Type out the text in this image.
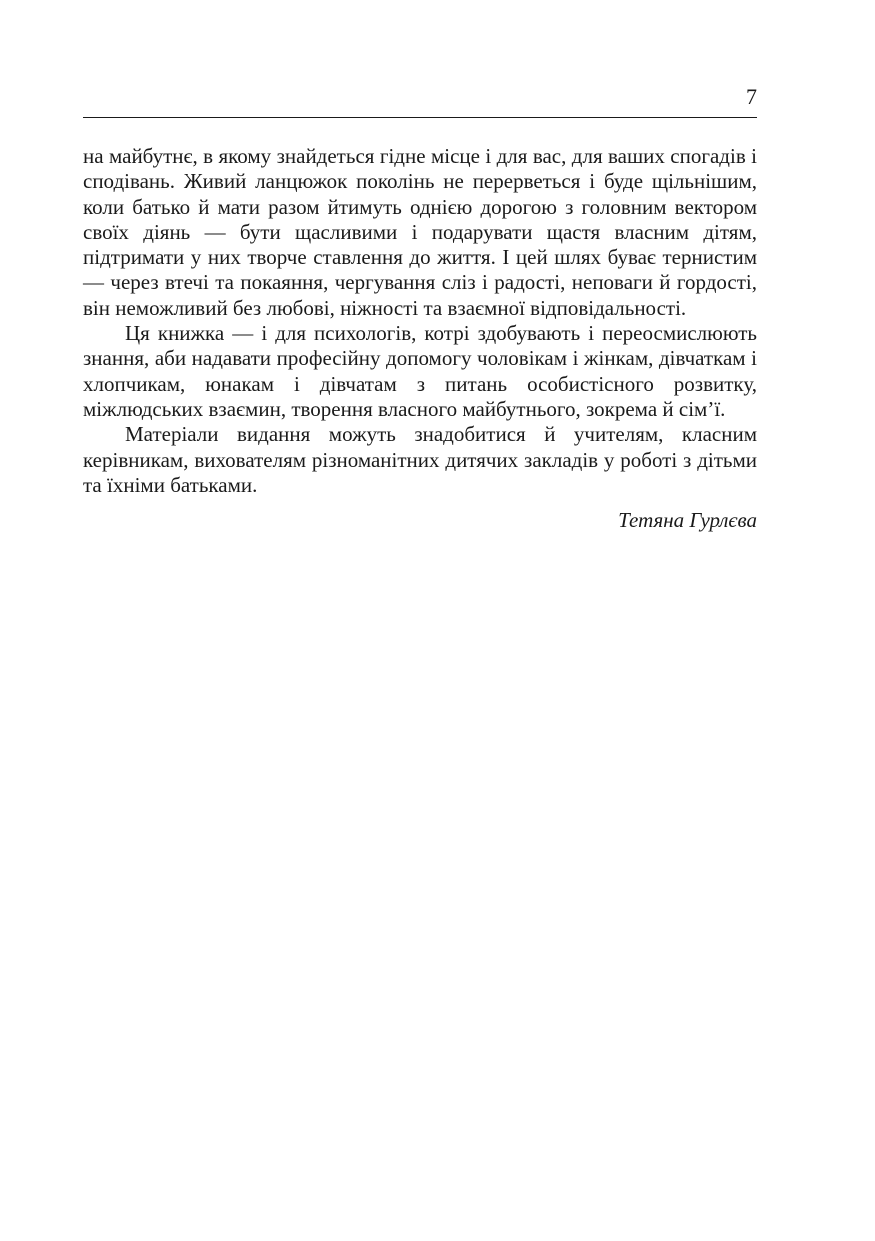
7

на майбутнє, в якому знайдеться гідне місце і для вас, для ваших спогадів і сподівань. Живий ланцюжок поколінь не перерветься і буде щільнішим, коли батько й мати разом йтимуть однією дорогою з головним вектором своїх діянь — бути щасливими і подарувати щастя власним дітям, підтримати у них творче ставлення до життя. І цей шлях буває тернистим — через втечі та покаяння, чергування сліз і радості, неповаги й гордості, він неможливий без любові, ніжності та взаємної відповідальності.

Ця книжка — і для психологів, котрі здобувають і переосмислюють знання, аби надавати професійну допомогу чоловікам і жінкам, дівчаткам і хлопчикам, юнакам і дівчатам з питань особистісного розвитку, міжлюдських взаємин, творення власного майбутнього, зокрема й сім’ї.

Матеріали видання можуть знадобитися й учителям, класним керівникам, вихователям різноманітних дитячих закладів у роботі з дітьми та їхніми батьками.

Тетяна Гурлєва
